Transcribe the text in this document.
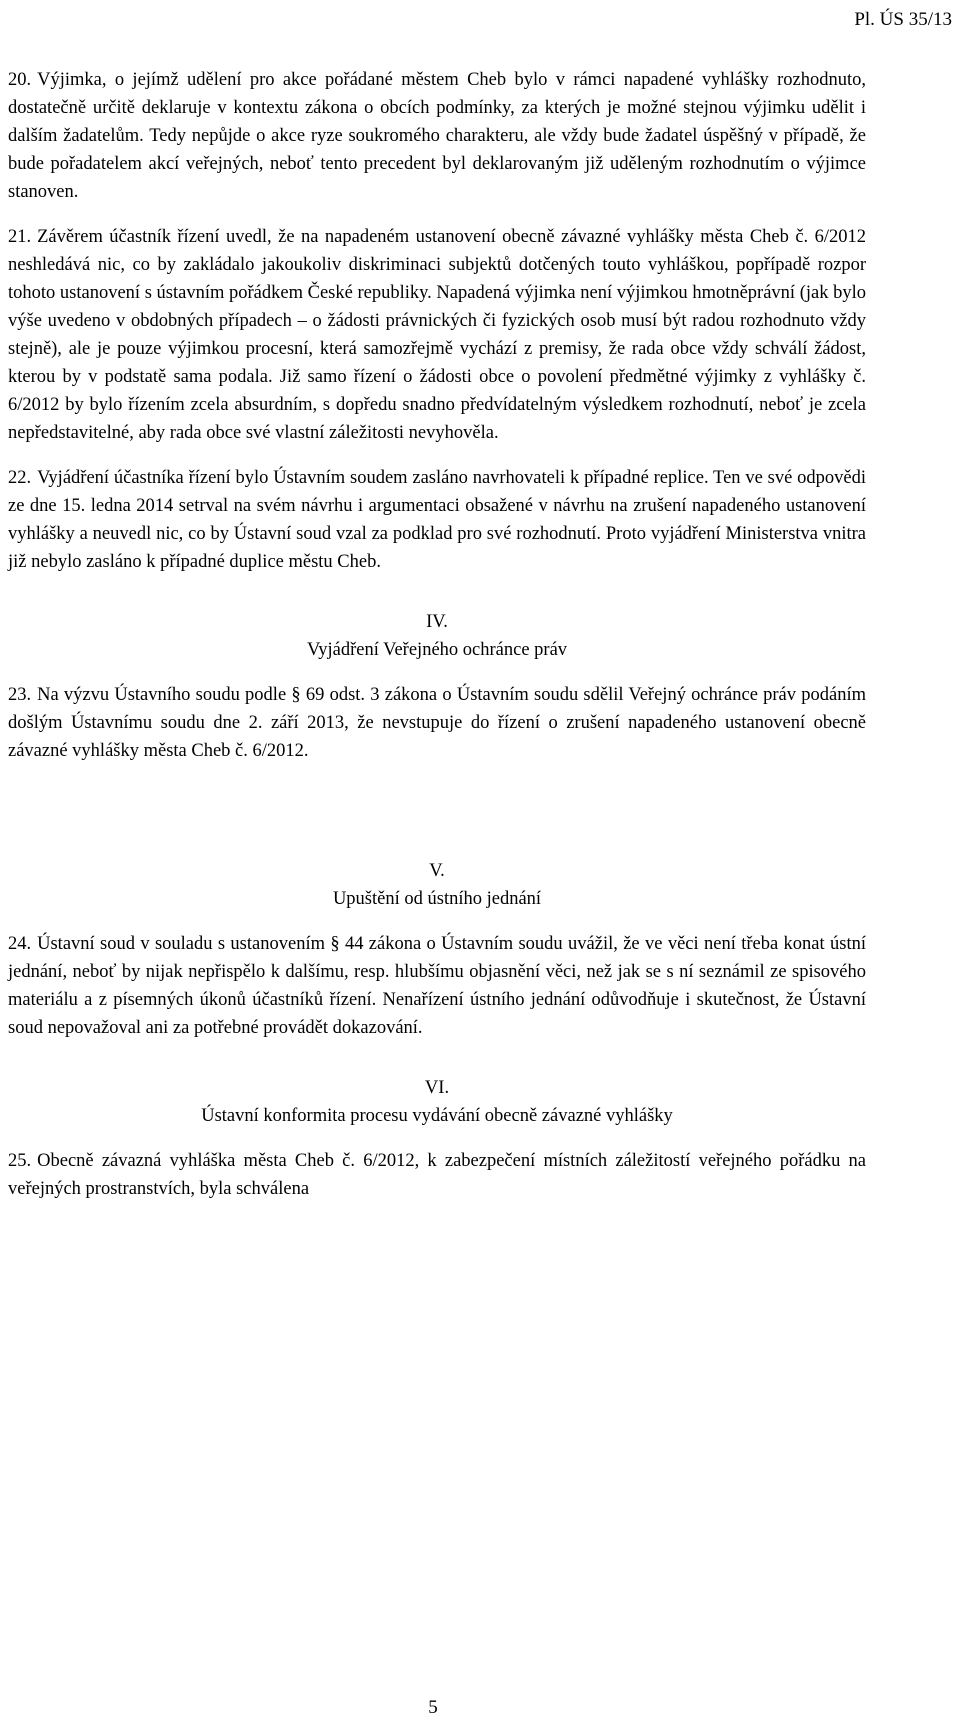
Pl. ÚS 35/13

20. Výjimka, o jejímž udělení pro akce pořádané městem Cheb bylo v rámci napadené vyhlášky rozhodnuto, dostatečně určitě deklaruje v kontextu zákona o obcích podmínky, za kterých je možné stejnou výjimku udělit i dalším žadatelům. Tedy nepůjde o akce ryze soukromého charakteru, ale vždy bude žadatel úspěšný v případě, že bude pořadatelem akcí veřejných, neboť tento precedent byl deklarovaným již uděleným rozhodnutím o výjimce stanoven.

21. Závěrem účastník řízení uvedl, že na napadeném ustanovení obecně závazné vyhlášky města Cheb č. 6/2012 neshledává nic, co by zakládalo jakoukoliv diskriminaci subjektů dotčených touto vyhláškou, popřípadě rozpor tohoto ustanovení s ústavním pořádkem České republiky. Napadená výjimka není výjimkou hmotněprávní (jak bylo výše uvedeno v obdobných případech – o žádosti právnických či fyzických osob musí být radou rozhodnuto vždy stejně), ale je pouze výjimkou procesní, která samozřejmě vychází z premisy, že rada obce vždy schválí žádost, kterou by v podstatě sama podala. Již samo řízení o žádosti obce o povolení předmětné výjimky z vyhlášky č. 6/2012 by bylo řízením zcela absurdním, s dopředu snadno předvídatelným výsledkem rozhodnutí, neboť je zcela nepředstavitelné, aby rada obce své vlastní záležitosti nevyhověla.

22. Vyjádření účastníka řízení bylo Ústavním soudem zasláno navrhovateli k případné replice. Ten ve své odpovědi ze dne 15. ledna 2014 setrval na svém návrhu i argumentaci obsažené v návrhu na zrušení napadeného ustanovení vyhlášky a neuvedl nic, co by Ústavní soud vzal za podklad pro své rozhodnutí. Proto vyjádření Ministerstva vnitra již nebylo zasláno k případné duplice městu Cheb.

IV.

Vyjádření Veřejného ochránce práv

23. Na výzvu Ústavního soudu podle § 69 odst. 3 zákona o Ústavním soudu sdělil Veřejný ochránce práv podáním došlým Ústavnímu soudu dne 2. září 2013, že nevstupuje do řízení o zrušení napadeného ustanovení obecně závazné vyhlášky města Cheb č. 6/2012.

V.

Upuštění od ústního jednání

24. Ústavní soud v souladu s ustanovením § 44 zákona o Ústavním soudu uvážil, že ve věci není třeba konat ústní jednání, neboť by nijak nepřispělo k dalšímu, resp. hlubšímu objasnění věci, než jak se s ní seznámil ze spisového materiálu a z písemných úkonů účastníků řízení. Nenařízení ústního jednání odůvodňuje i skutečnost, že Ústavní soud nepovažoval ani za potřebné provádět dokazování.

VI.

Ústavní konformita procesu vydávání obecně závazné vyhlášky

25. Obecně závazná vyhláška města Cheb č. 6/2012, k zabezpečení místních záležitostí veřejného pořádku na veřejných prostranstvích, byla schválena

5
